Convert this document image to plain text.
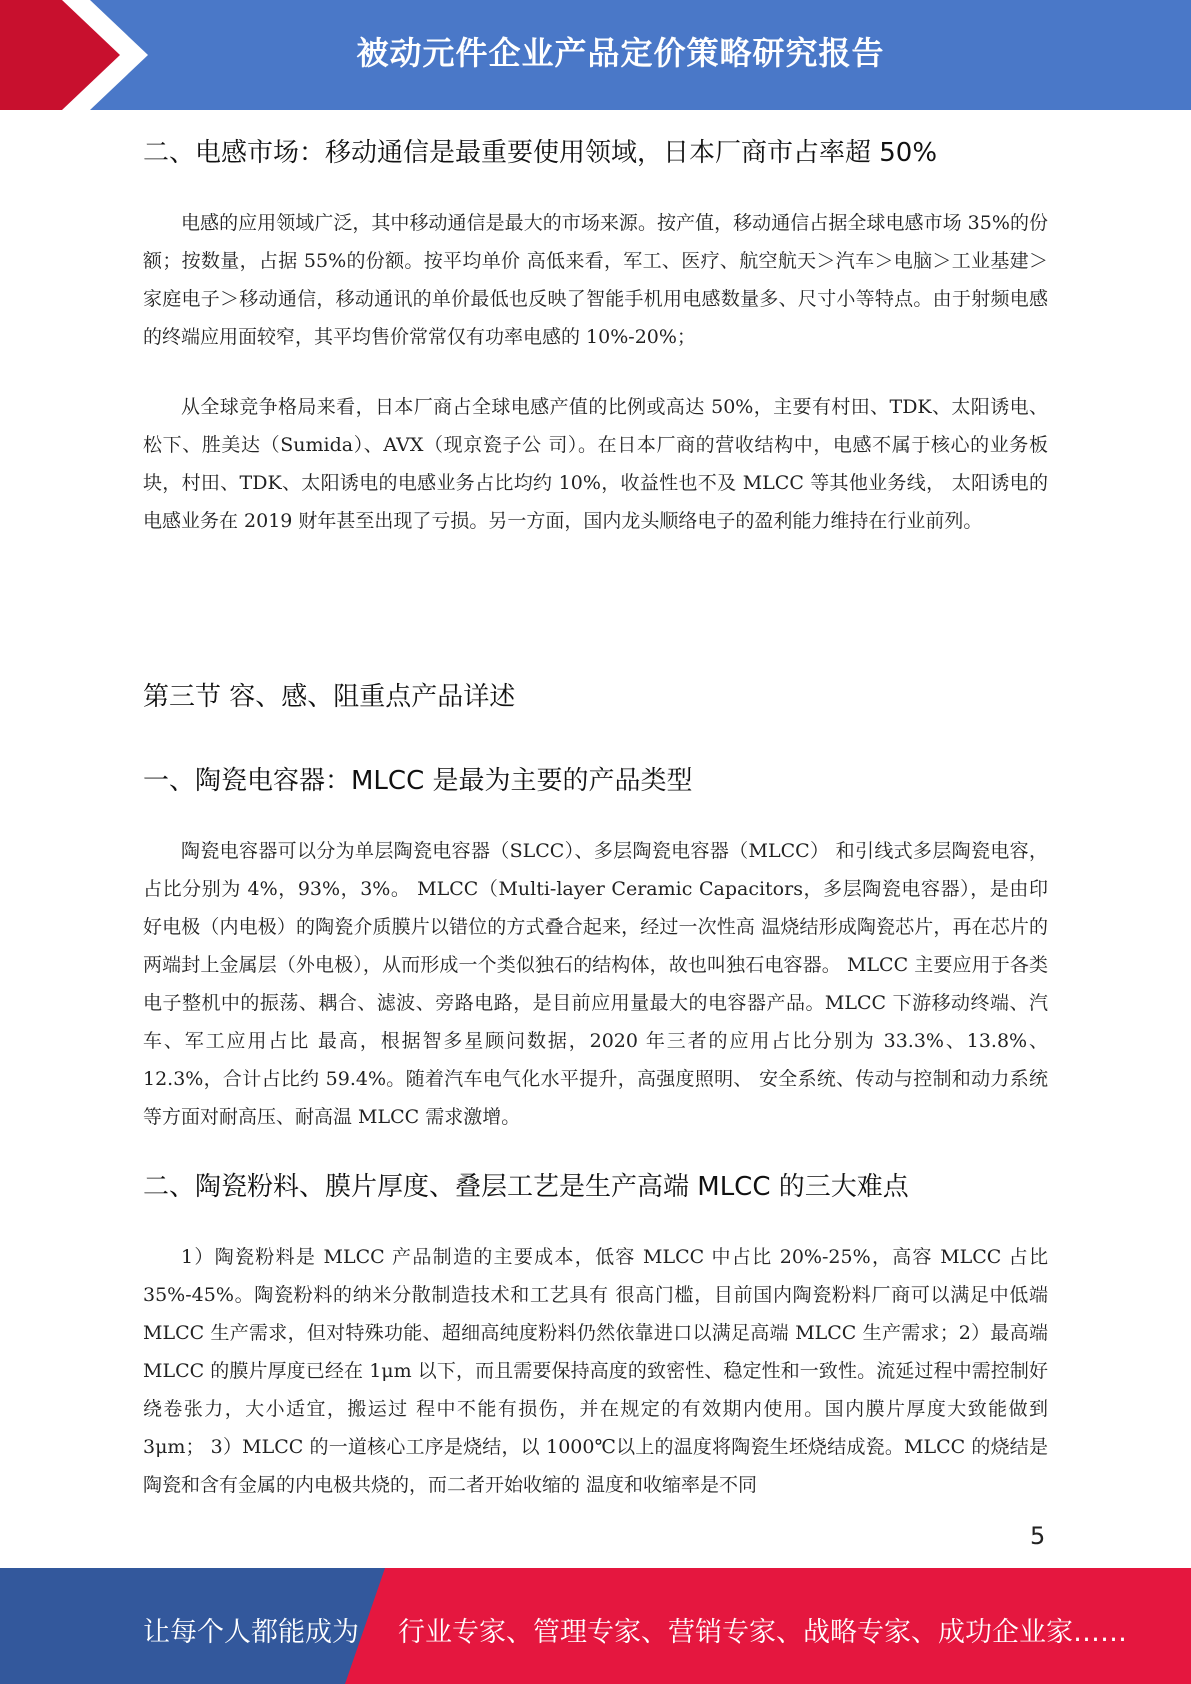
被动元件企业产品定价策略研究报告
二、电感市场：移动通信是最重要使用领域，日本厂商市占率超 50%

电感的应用领域广泛，其中移动通信是最大的市场来源。按产值，移动通信占据全球电感市场 35%的份额；按数量，占据 55%的份额。按平均单价 高低来看，军工、医疗、航空航天＞汽车＞电脑＞工业基建＞家庭电子＞移动通信，移动通讯的单价最低也反映了智能手机用电感数量多、尺寸小等特点。由于射频电感的终端应用面较窄，其平均售价常常仅有功率电感的 10%-20%；

从全球竞争格局来看，日本厂商占全球电感产值的比例或高达 50%，主要有村田、TDK、太阳诱电、松下、胜美达（Sumida）、AVX（现京瓷子公 司）。在日本厂商的营收结构中，电感不属于核心的业务板块，村田、TDK、太阳诱电的电感业务占比均约 10%，收益性也不及 MLCC 等其他业务线， 太阳诱电的电感业务在 2019 财年甚至出现了亏损。另一方面，国内龙头顺络电子的盈利能力维持在行业前列。

第三节 容、感、阻重点产品详述
一、陶瓷电容器：MLCC 是最为主要的产品类型

陶瓷电容器可以分为单层陶瓷电容器（SLCC）、多层陶瓷电容器（MLCC） 和引线式多层陶瓷电容，占比分别为 4%，93%，3%。 MLCC（Multi-layer Ceramic Capacitors，多层陶瓷电容器），是由印好电极（内电极）的陶瓷介质膜片以错位的方式叠合起来，经过一次性高 温烧结形成陶瓷芯片，再在芯片的两端封上金属层（外电极），从而形成一个类似独石的结构体，故也叫独石电容器。 MLCC 主要应用于各类电子整机中的振荡、耦合、滤波、旁路电路，是目前应用量最大的电容器产品。MLCC 下游移动终端、汽车、军工应用占比 最高，根据智多星顾问数据，2020 年三者的应用占比分别为 33.3%、13.8%、12.3%，合计占比约 59.4%。随着汽车电气化水平提升，高强度照明、 安全系统、传动与控制和动力系统等方面对耐高压、耐高温 MLCC 需求激增。

二、陶瓷粉料、膜片厚度、叠层工艺是生产高端 MLCC 的三大难点

1）陶瓷粉料是 MLCC 产品制造的主要成本，低容 MLCC 中占比 20%-25%，高容 MLCC 占比 35%-45%。陶瓷粉料的纳米分散制造技术和工艺具有 很高门槛，目前国内陶瓷粉料厂商可以满足中低端 MLCC 生产需求，但对特殊功能、超细高纯度粉料仍然依靠进口以满足高端 MLCC 生产需求；2）最高端 MLCC 的膜片厚度已经在 1μm 以下，而且需要保持高度的致密性、稳定性和一致性。流延过程中需控制好绕卷张力，大小适宜，搬运过 程中不能有损伤，并在规定的有效期内使用。国内膜片厚度大致能做到 3μm； 3）MLCC 的一道核心工序是烧结，以 1000℃以上的温度将陶瓷生坯烧结成瓷。MLCC 的烧结是陶瓷和含有金属的内电极共烧的，而二者开始收缩的 温度和收缩率是不同

5
让每个人都能成为 行业专家、管理专家、营销专家、战略专家、成功企业家……
